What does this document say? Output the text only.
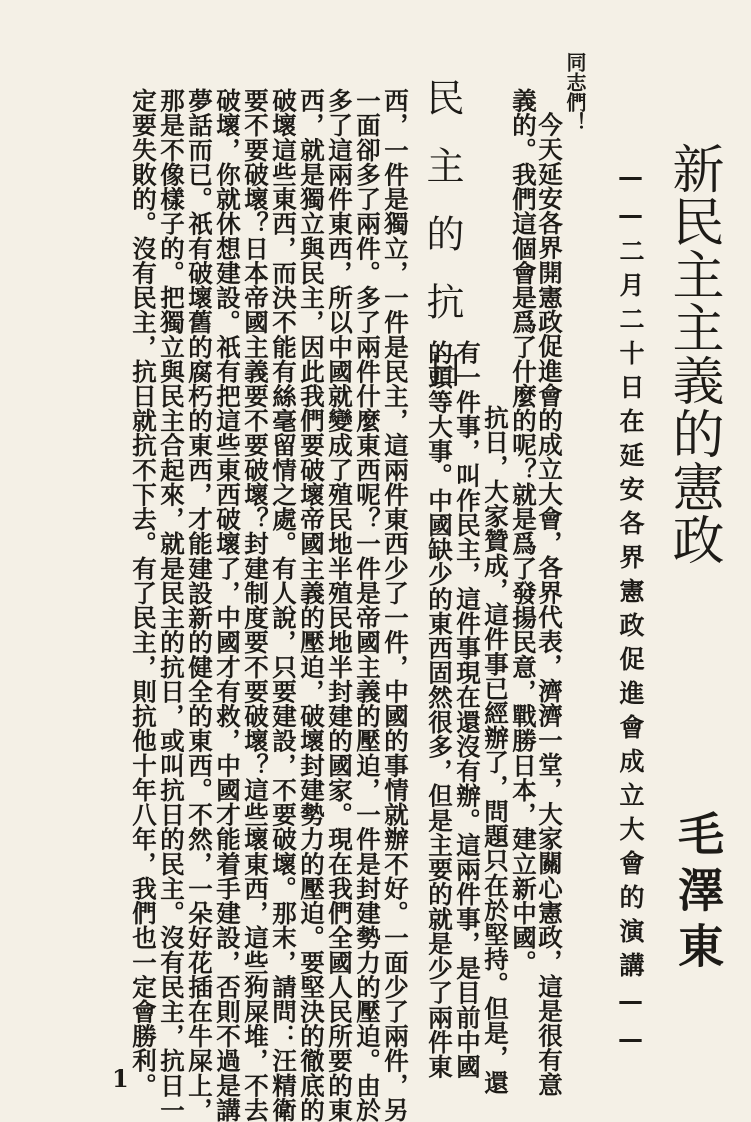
新民主主義的憲政
——二月二十日在延安各界憲政促進會成立大會的演講—— 毛澤東
同志們！
今天延安各界開憲政促進會的成立大會，各界代表，濟濟一堂，大家關心憲政，這是很有意
義的。我們這個會是爲了什麼的呢？就是爲了發揚民意，戰勝日本，建立新中國。
民主的抗日
抗日，大家贊成，這件事已經辦了，問題只在於堅持。但是，還
有一件事，叫作民主，這件事現在還沒有辦。這兩件事，是目前中國
的頭等大事。中國缺少的東西固然很多，但是主要的就是少了兩件東
西，一件是獨立，一件是民主，這兩件東西少了一件，中國的事情就辦不好。一面少了兩件，另
一面卻多了兩件。多了兩件什麼東西呢？一件是帝國主義的壓迫，一件是封建勢力的壓迫。由於
多了這兩件東西，所以中國就變成了殖民地半殖民地半封建的國家。現在我們全國人民所要的東
西，就是獨立與民主，因此我們要破壞帝國主義的壓迫，破壞封建勢力的壓迫。要堅決的徹底的
破壞這些東西，而決不能有絲毫留情之處。有人說，只要建設，不要破壞。那末，請問：汪精衛
要不要破壞？日本帝國主義要不要破壞？封建制度要不要破壞？這些壞東西，這些狗屎堆，不去
破壞，你就休想建設。祇有把這些東西破壞了，中國才有救，中國才能着手建設，否則不過是講
夢話而已。祇有破壞舊的腐朽的東西，才能建設新的健全的東西。不然，一朵好花插在牛屎上，
那是不像樣子的。把獨立與民主合起來，就是民主的抗日，或叫抗日的民主。沒有民主，抗日一
定要失敗的。沒有民主，抗日就抗不下去。有了民主，則抗他十年八年，我們也一定會勝利。
1
